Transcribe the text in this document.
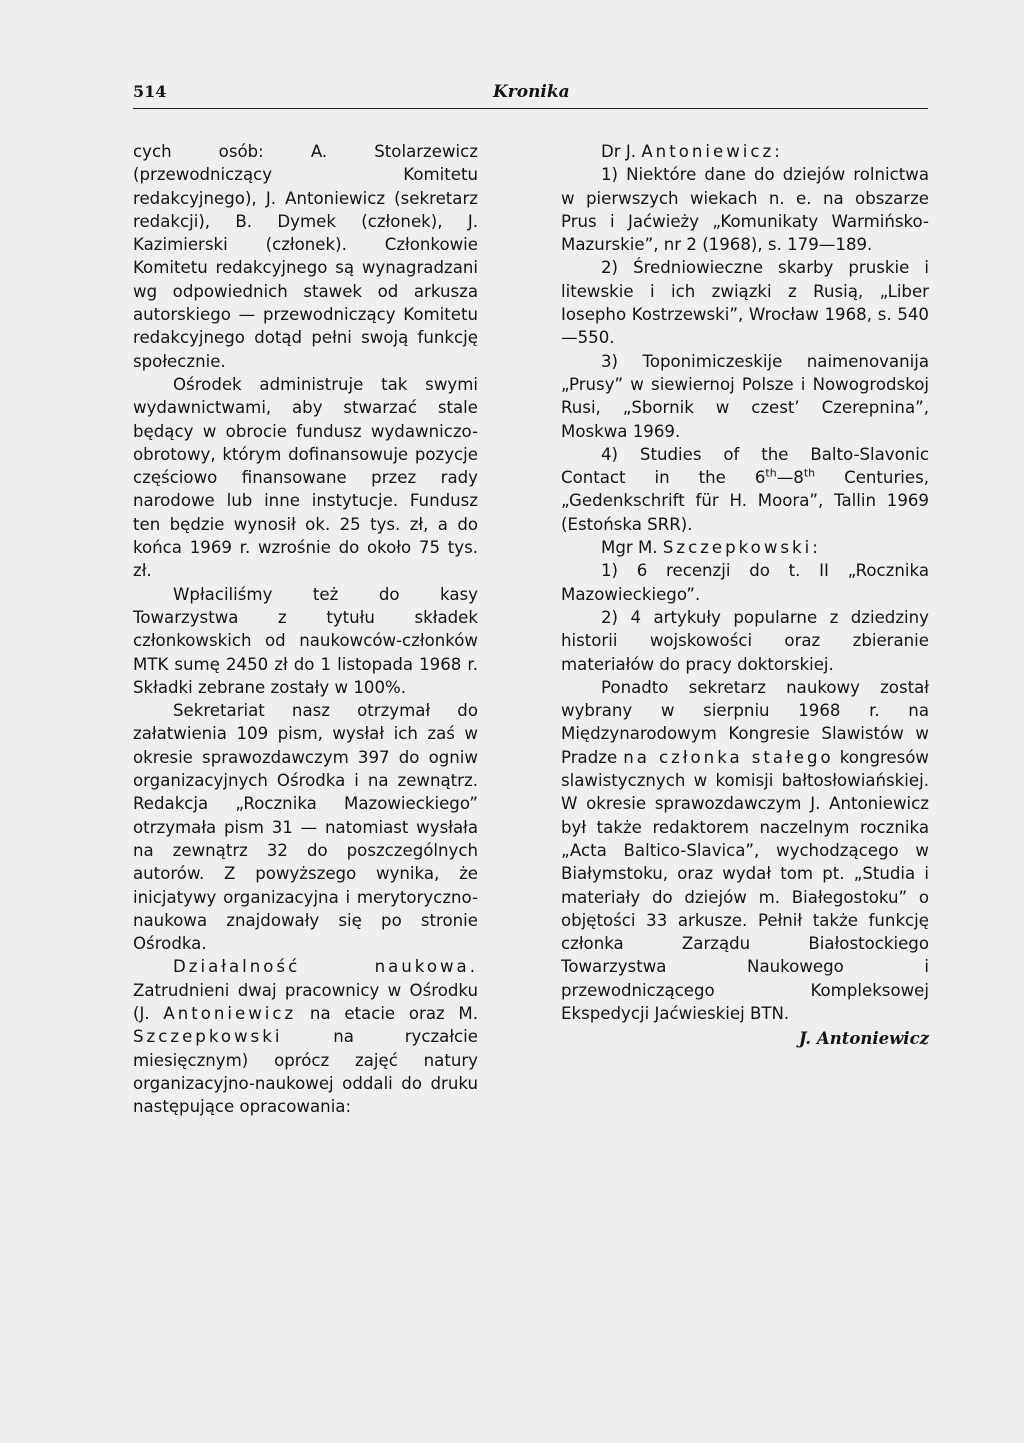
514	Kronika

cych osób: A. Stolarzewicz (przewodniczący Komitetu redakcyjnego), J. Antoniewicz (sekretarz redakcji), B. Dymek (członek), J. Kazimierski (członek). Członkowie Komitetu redakcyjnego są wynagradzani wg odpowiednich stawek od arkusza autorskiego — przewodniczący Komitetu redakcyjnego dotąd pełni swoją funkcję społecznie.

Ośrodek administruje tak swymi wydawnictwami, aby stwarzać stale będący w obrocie fundusz wydawniczo-obrotowy, którym dofinansowuje pozycje częściowo finansowane przez rady narodowe lub inne instytucje. Fundusz ten będzie wynosił ok. 25 tys. zł, a do końca 1969 r. wzrośnie do około 75 tys. zł.

Wpłaciliśmy też do kasy Towarzystwa z tytułu składek członkowskich od naukowców-członków MTK sumę 2450 zł do 1 listopada 1968 r. Składki zebrane zostały w 100%.

Sekretariat nasz otrzymał do załatwienia 109 pism, wysłał ich zaś w okresie sprawozdawczym 397 do ogniw organizacyjnych Ośrodka i na zewnątrz. Redakcja „Rocznika Mazowieckiego” otrzymała pism 31 — natomiast wysłała na zewnątrz 32 do poszczególnych autorów. Z powyższego wynika, że inicjatywy organizacyjna i merytoryczno-naukowa znajdowały się po stronie Ośrodka.

Działalność naukowa. Zatrudnieni dwaj pracownicy w Ośrodku (J. Antoniewicz na etacie oraz M. Szczepkowski na ryczałcie miesięcznym) oprócz zajęć natury organizacyjno-naukowej oddali do druku następujące opracowania:

Dr J. Antoniewicz:

1) Niektóre dane do dziejów rolnictwa w pierwszych wiekach n. e. na obszarze Prus i Jaćwieży „Komunikaty Warmińsko-Mazurskie”, nr 2 (1968), s. 179—189.

2) Średniowieczne skarby pruskie i litewskie i ich związki z Rusią, „Liber Iosepho Kostrzewski”, Wrocław 1968, s. 540—550.

3) Toponimiczeskije naimenovanija „Prusy” w siewiernoj Polsze i Nowogrodskoj Rusi, „Sbornik w czest’ Czerepnina”, Moskwa 1969.

4) Studies of the Balto-Slavonic Contact in the 6th—8th Centuries, „Gedenkschrift für H. Moora”, Tallin 1969 (Estońska SRR).

Mgr M. Szczepkowski:

1) 6 recenzji do t. II „Rocznika Mazowieckiego”.

2) 4 artykuły popularne z dziedziny historii wojskowości oraz zbieranie materiałów do pracy doktorskiej.

Ponadto sekretarz naukowy został wybrany w sierpniu 1968 r. na Międzynarodowym Kongresie Slawistów w Pradze na członka stałego kongresów slawistycznych w komisji bałtosłowiańskiej. W okresie sprawozdawczym J. Antoniewicz był także redaktorem naczelnym rocznika „Acta Baltico-Slavica”, wychodzącego w Białymstoku, oraz wydał tom pt. „Studia i materiały do dziejów m. Białegostoku” o objętości 33 arkusze. Pełnił także funkcję członka Zarządu Białostockiego Towarzystwa Naukowego i przewodniczącego Kompleksowej Ekspedycji Jaćwieskiej BTN.

J. Antoniewicz
